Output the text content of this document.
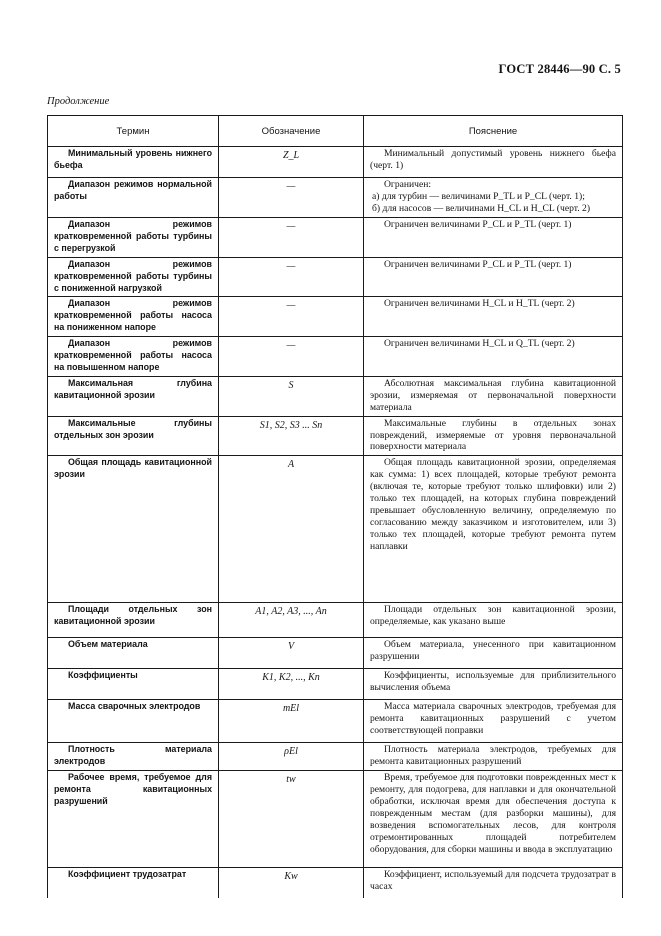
ГОСТ 28446—90 С. 5
Продолжение
Термин	Обозначение	Пояснение
Минимальный уровень нижнего бьефа	Z_L	Минимальный допустимый уровень нижнего бьефа (черт. 1)
Диапазон режимов нормальной работы	—	Ограничен:
а) для турбин — величинами P_TL и P_CL (черт. 1);
б) для насосов — величинами H_CL и H_CL (черт. 2)

Диапазон режимов кратковременной работы турбины с перегрузкой	—	Ограничен величинами P_CL и P_TL (черт. 1)
Диапазон режимов кратковременной работы турбины с пониженной нагрузкой	—	Ограничен величинами P_CL и P_TL (черт. 1)
Диапазон режимов кратковременной работы насоса на пониженном напоре	—	Ограничен величинами H_CL и H_TL (черт. 2)
Диапазон режимов кратковременной работы насоса на повышенном напоре	—	Ограничен величинами H_CL и Q_TL (черт. 2)
Максимальная глубина кавитационной эрозии	S	Абсолютная максимальная глубина кавитационной эрозии, измеряемая от первоначальной поверхности материала
Максимальные глубины отдельных зон эрозии	S1, S2, S3 ... Sn	Максимальные глубины в отдельных зонах повреждений, измеряемые от уровня первоначальной поверхности материала
Общая площадь кавитационной эрозии	A	Общая площадь кавитационной эрозии, определяемая как сумма: 1) всех площадей, которые требуют ремонта (включая те, которые требуют только шлифовки) или 2) только тех площадей, на которых глубина повреждений превышает обусловленную величину, определяемую по согласованию между заказчиком и изготовителем, или 3) только тех площадей, которые требуют ремонта путем наплавки
Площади отдельных зон кавитационной эрозии	A1, A2, A3, ..., An	Площади отдельных зон кавитационной эрозии, определяемые, как указано выше
Объем материала	V	Объем материала, унесенного при кавитационном разрушении
Коэффициенты	K1, K2, ..., Kn	Коэффициенты, используемые для приблизительного вычисления объема
Масса сварочных электродов	mEl	Масса материала сварочных электродов, требуемая для ремонта кавитационных разрушений с учетом соответствующей поправки
Плотность материала электродов	ρEl	Плотность материала электродов, требуемых для ремонта кавитационных разрушений
Рабочее время, требуемое для ремонта кавитационных разрушений	tw	Время, требуемое для подготовки поврежденных мест к ремонту, для подогрева, для наплавки и для окончательной обработки, исключая время для обеспечения доступа к поврежденным местам (для разборки машины), для возведения вспомогательных лесов, для контроля отремонтированных площадей потребителем оборудования, для сборки машины и ввода в эксплуатацию
Коэффициент трудозатрат	Kw	Коэффициент, используемый для подсчета трудозатрат в часах
